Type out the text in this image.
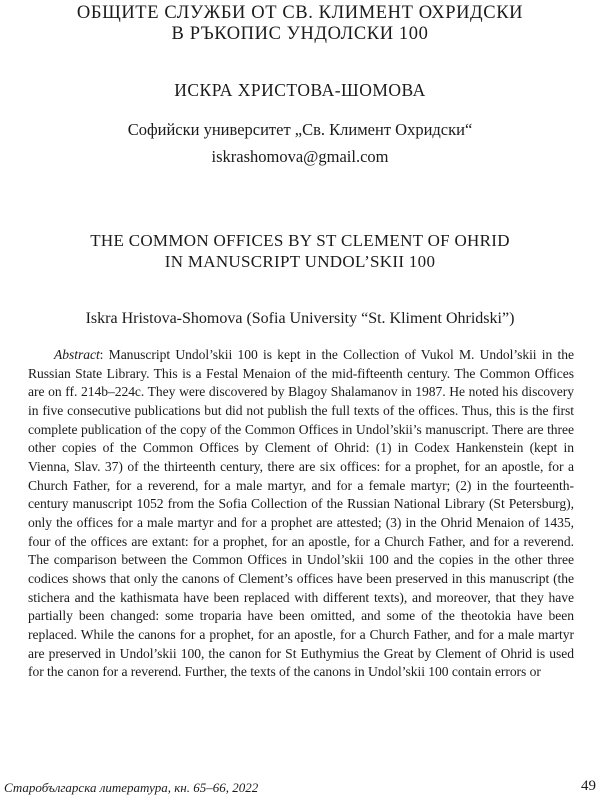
ОБЩИТЕ СЛУЖБИ ОТ СВ. КЛИМЕНТ ОХРИДСКИ
В РЪКОПИС УНДОЛСКИ 100
ИСКРА ХРИСТОВА-ШОМОВА
Софийски университет „Св. Климент Охридски“
iskrashomova@gmail.com
THE COMMON OFFICES BY ST CLEMENT OF OHRID
IN MANUSCRIPT UNDOL’SKII 100
Iskra Hristova-Shomova (Sofia University “St. Kliment Ohridski”)
Abstract: Manuscript Undol’skii 100 is kept in the Collection of Vukol M. Undol’skii in the Russian State Library. This is a Festal Menaion of the mid-fifteenth century. The Common Offices are on ff. 214b–224c. They were discovered by Blagoy Shalamanov in 1987. He noted his discovery in five consecutive publications but did not publish the full texts of the offices. Thus, this is the first complete publication of the copy of the Common Offices in Undol’skii’s manuscript. There are three other copies of the Common Offices by Clement of Ohrid: (1) in Codex Hankenstein (kept in Vienna, Slav. 37) of the thirteenth century, there are six offices: for a prophet, for an apostle, for a Church Father, for a reverend, for a male martyr, and for a female martyr; (2) in the fourteenth-century manuscript 1052 from the Sofia Collection of the Russian National Library (St Petersburg), only the offices for a male martyr and for a prophet are attested; (3) in the Ohrid Menaion of 1435, four of the offices are extant: for a prophet, for an apostle, for a Church Father, and for a reverend. The comparison between the Common Offices in Undol’skii 100 and the copies in the other three codices shows that only the canons of Clement’s offices have been preserved in this manuscript (the stichera and the kathismata have been replaced with different texts), and moreover, that they have partially been changed: some troparia have been omitted, and some of the theotokia have been replaced. While the canons for a prophet, for an apostle, for a Church Father, and for a male martyr are preserved in Undol’skii 100, the canon for St Euthymius the Great by Clement of Ohrid is used for the canon for a reverend. Further, the texts of the canons in Undol’skii 100 contain errors or
Старобългарска литература, кн. 65–66, 2022	49
